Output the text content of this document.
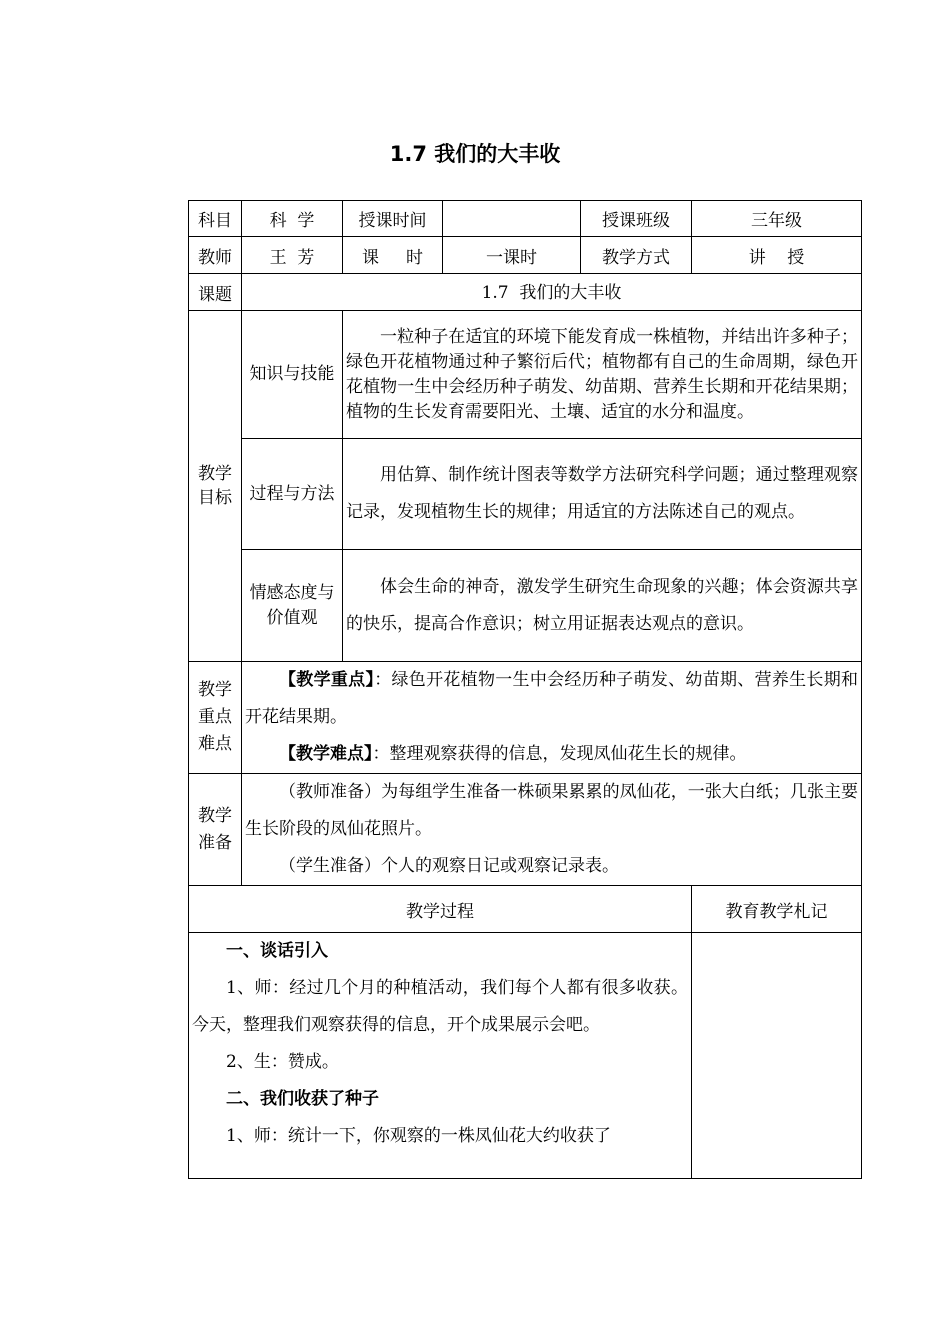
1.7 我们的大丰收
科目	科  学	授课时间		授课班级	三年级
教师	王  芳	课     时	一课时	教学方式	讲    授
课题	1.7  我们的大丰收				

教学目标	知识与技能	一粒种子在适宜的环境下能发育成一株植物，并结出许多种子；绿色开花植物通过种子繁衍后代；植物都有自己的生命周期，绿色开花植物一生中会经历种子萌发、幼苗期、营养生长期和开花结果期；植物的生长发育需要阳光、土壤、适宜的水分和温度。			
	过程与方法	用估算、制作统计图表等数学方法研究科学问题；通过整理观察记录，发现植物生长的规律；用适宜的方法陈述自己的观点。			

	情感态度与价值观	体会生命的神奇，激发学生研究生命现象的兴趣；体会资源共享的快乐，提高合作意识；树立用证据表达观点的意识。			

教学重点难点	【教学重点】：绿色开花植物一生中会经历种子萌发、幼苗期、营养生长期和开花结果期。

【教学难点】：整理观察获得的信息，发现凤仙花生长的规律。				

教学准备	（教师准备）为每组学生准备一株硕果累累的凤仙花，一张大白纸；几张主要生长阶段的凤仙花照片。

（学生准备）个人的观察日记或观察记录表。				

教学过程					教育教学札记

一、谈话引入

1、师：经过几个月的种植活动，我们每个人都有很多收获。今天，整理我们观察获得的信息，开个成果展示会吧。

2、生：赞成。

二、我们收获了种子

1、师：统计一下，你观察的一株凤仙花大约收获了					
